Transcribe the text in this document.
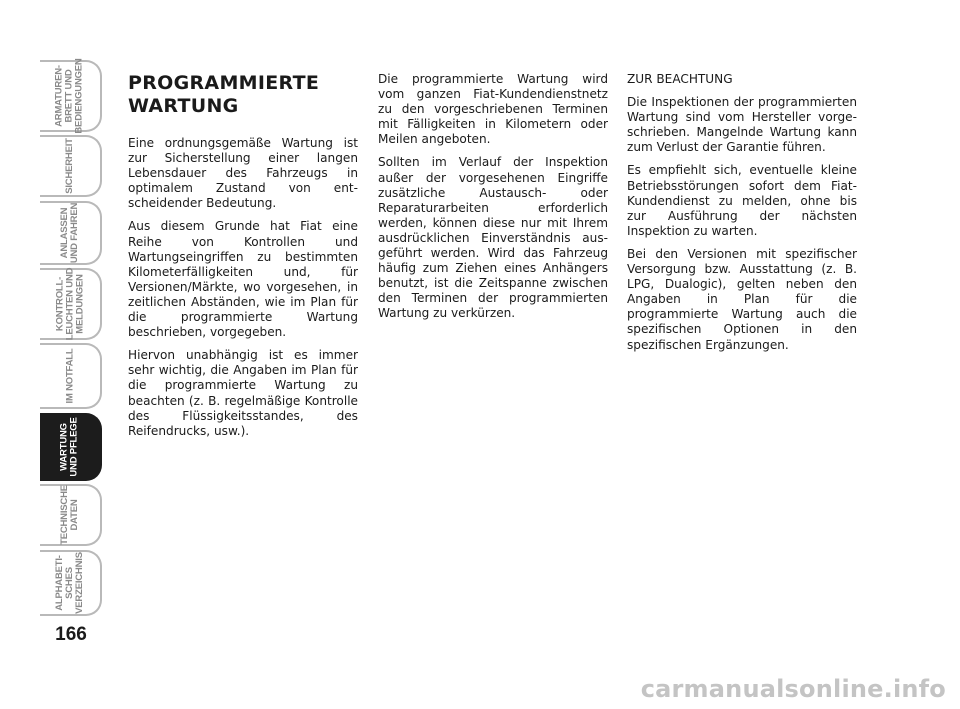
ARMATUREN-
BRETT UND
BEDIENGUNGEN
SICHERHEIT
ANLASSEN
UND FAHREN
KONTROLL-
LEUCHTEN UND
MELDUNGEN
IM NOTFALL
WARTUNG
UND PFLEGE
TECHNISCHE
DATEN
ALPHABETI-
SCHES
VERZEICHNIS
166
PROGRAMMIERTE
WARTUNG

Eine ordnungsgemäße Wartung ist zur Sicherstellung einer langen Lebensdauer des Fahrzeugs in optimalem Zustand von entscheidender Bedeutung.

Aus diesem Grunde hat Fiat eine Reihe von Kontrollen und Wartungseingriffen zu bestimmten Kilometerfälligkeiten und, für Versionen/Märkte, wo vorgesehen, in zeitlichen Abständen, wie im Plan für die programmierte Wartung beschrieben, vorgegeben.

Hiervon unabhängig ist es immer sehr wichtig, die Angaben im Plan für die programmierte Wartung zu beachten (z. B. regelmäßige Kontrolle des Flüssigkeitsstandes, des Reifendrucks, usw.).

Die programmierte Wartung wird vom ganzen Fiat-Kundendienstnetz zu den vorgeschriebenen Terminen mit Fälligkeiten in Kilometern oder Meilen angeboten.

Sollten im Verlauf der Inspektion außer der vorgesehenen Eingriffe zusätzliche Austausch- oder Reparaturarbeiten erforderlich werden, können diese nur mit Ihrem ausdrücklichen Einverständnis ausgeführt werden. Wird das Fahrzeug häufig zum Ziehen eines Anhängers benutzt, ist die Zeitspanne zwischen den Terminen der programmierten Wartung zu verkürzen.

ZUR BEACHTUNG

Die Inspektionen der programmierten Wartung sind vom Hersteller vorgeschrieben. Mangelnde Wartung kann zum Verlust der Garantie führen.

Es empfiehlt sich, eventuelle kleine Betriebsstörungen sofort dem Fiat-Kundendienst zu melden, ohne bis zur Ausführung der nächsten Inspektion zu warten.

Bei den Versionen mit spezifischer Versorgung bzw. Ausstattung (z. B. LPG, Dualogic), gelten neben den Angaben in Plan für die programmierte Wartung auch die spezifischen Optionen in den spezifischen Ergänzungen.

carmanualsonline.info
